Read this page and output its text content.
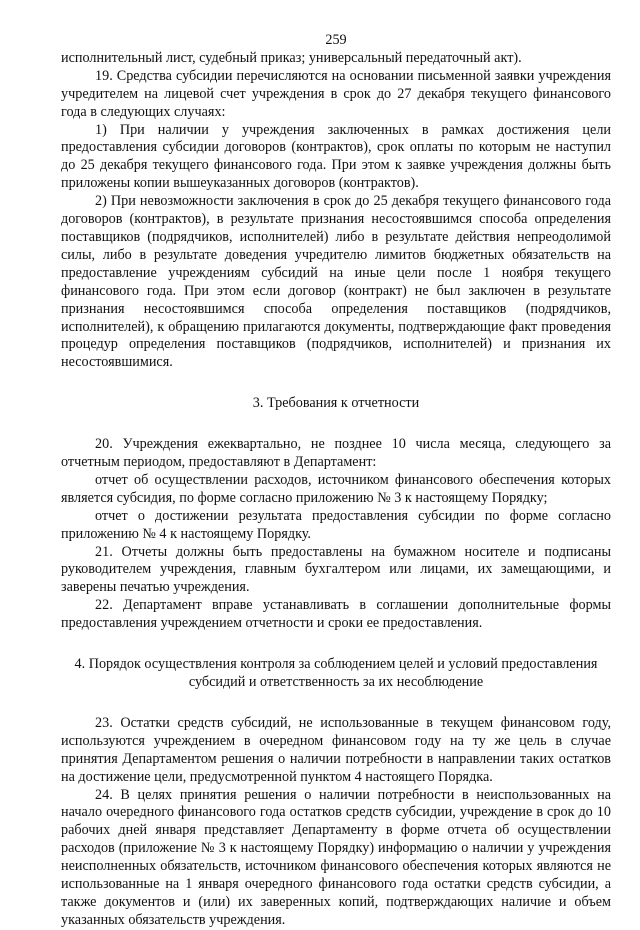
259

исполнительный лист, судебный приказ; универсальный передаточный акт).

19. Средства субсидии перечисляются на основании письменной заявки учреждения учредителем на лицевой счет учреждения в срок до 27 декабря текущего финансового года в следующих случаях:

1) При наличии у учреждения заключенных в рамках достижения цели предоставления субсидии договоров (контрактов), срок оплаты по которым не наступил до 25 декабря текущего финансового года. При этом к заявке учреждения должны быть приложены копии вышеуказанных договоров (контрактов).

2) При невозможности заключения в срок до 25 декабря текущего финансового года договоров (контрактов), в результате признания несостоявшимся способа определения поставщиков (подрядчиков, исполнителей) либо в результате действия непреодолимой силы, либо в результате доведения учредителю лимитов бюджетных обязательств на предоставление учреждениям субсидий на иные цели после 1 ноября текущего финансового года. При этом если договор (контракт) не был заключен в результате признания несостоявшимся способа определения поставщиков (подрядчиков, исполнителей), к обращению прилагаются документы, подтверждающие факт проведения процедур определения поставщиков (подрядчиков, исполнителей) и признания их несостоявшимися.

3. Требования к отчетности

20. Учреждения ежеквартально, не позднее 10 числа месяца, следующего за отчетным периодом, предоставляют в Департамент:

отчет об осуществлении расходов, источником финансового обеспечения которых является субсидия, по форме согласно приложению № 3 к настоящему Порядку;

отчет о достижении результата предоставления субсидии по форме согласно приложению № 4 к настоящему Порядку.

21. Отчеты должны быть предоставлены на бумажном носителе и подписаны руководителем учреждения, главным бухгалтером или лицами, их замещающими, и заверены печатью учреждения.

22. Департамент вправе устанавливать в соглашении дополнительные формы предоставления учреждением отчетности и сроки ее предоставления.

4. Порядок осуществления контроля за соблюдением целей и условий предоставления
субсидий и ответственность за их несоблюдение

23. Остатки средств субсидий, не использованные в текущем финансовом году, используются учреждением в очередном финансовом году на ту же цель в случае принятия Департаментом решения о наличии потребности в направлении таких остатков на достижение цели, предусмотренной пунктом 4 настоящего Порядка.

24. В целях принятия решения о наличии потребности в неиспользованных на начало очередного финансового года остатков средств субсидии, учреждение в срок до 10 рабочих дней января представляет Департаменту в форме отчета об осуществлении расходов (приложение № 3 к настоящему Порядку) информацию о наличии у учреждения неисполненных обязательств, источником финансового обеспечения которых являются не использованные на 1 января очередного финансового года остатки средств субсидии, а также документов и (или) их заверенных копий, подтверждающих наличие и объем указанных обязательств учреждения.
